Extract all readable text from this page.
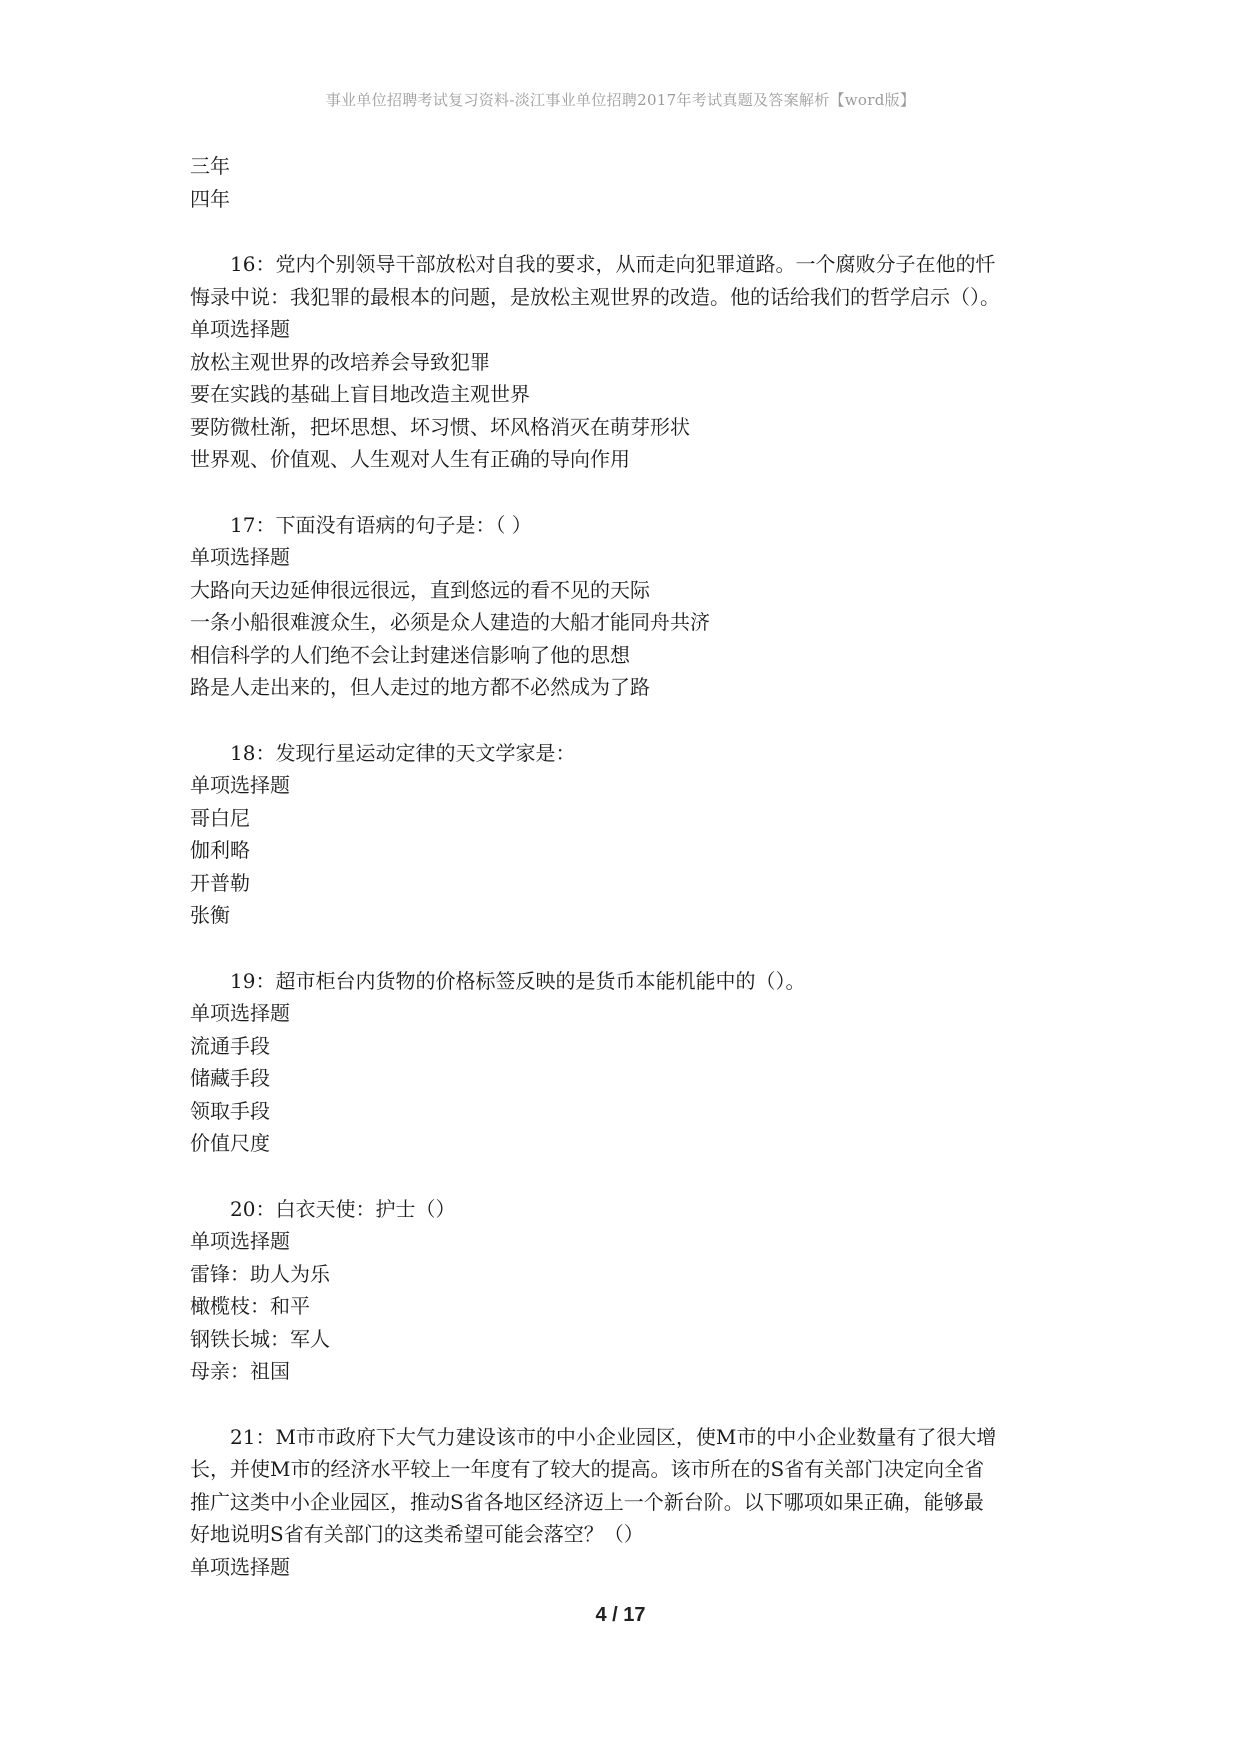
事业单位招聘考试复习资料-淡江事业单位招聘2017年考试真题及答案解析【word版】
三年
四年
16：党内个别领导干部放松对自我的要求，从而走向犯罪道路。一个腐败分子在他的忏
悔录中说：我犯罪的最根本的问题，是放松主观世界的改造。他的话给我们的哲学启示（）。
单项选择题
放松主观世界的改培养会导致犯罪
要在实践的基础上盲目地改造主观世界
要防微杜渐，把坏思想、坏习惯、坏风格消灭在萌芽形状
世界观、价值观、人生观对人生有正确的导向作用
17：下面没有语病的句子是：（ ）
单项选择题
大路向天边延伸很远很远，直到悠远的看不见的天际
一条小船很难渡众生，必须是众人建造的大船才能同舟共济
相信科学的人们绝不会让封建迷信影响了他的思想
路是人走出来的，但人走过的地方都不必然成为了路
18：发现行星运动定律的天文学家是：
单项选择题
哥白尼
伽利略
开普勒
张衡
19：超市柜台内货物的价格标签反映的是货币本能机能中的（）。
单项选择题
流通手段
储藏手段
领取手段
价值尺度
20：白衣天使：护士（）
单项选择题
雷锋：助人为乐
橄榄枝：和平
钢铁长城：军人
母亲：祖国
21：M市市政府下大气力建设该市的中小企业园区，使M市的中小企业数量有了很大增
长，并使M市的经济水平较上一年度有了较大的提高。该市所在的S省有关部门决定向全省
推广这类中小企业园区，推动S省各地区经济迈上一个新台阶。以下哪项如果正确，能够最
好地说明S省有关部门的这类希望可能会落空？（）
单项选择题
4 / 17
